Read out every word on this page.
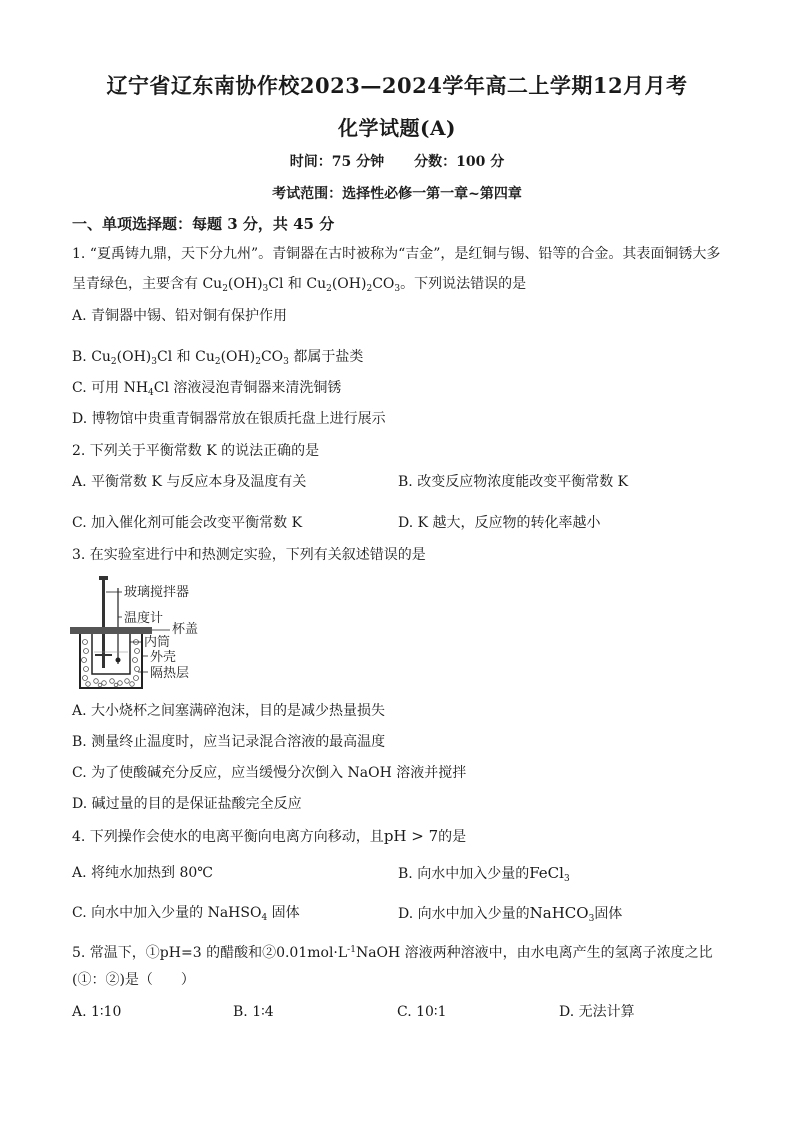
辽宁省辽东南协作校2023—2024学年高二上学期12月月考
化学试题(A)
时间：75 分钟 分数：100 分
考试范围：选择性必修一第一章~第四章
一、单项选择题：每题 3 分，共 45 分
1. “夏禹铸九鼎，天下分九州”。青铜器在古时被称为“吉金”，是红铜与锡、铅等的合金。其表面铜锈大多
呈青绿色，主要含有 $Cu_2(OH)_3Cl$ 和 $Cu_2(OH)_2CO_3$。下列说法错误的是
A. 青铜器中锡、铅对铜有保护作用
B. $Cu_2(OH)_3Cl$ 和 $Cu_2(OH)_2CO_3$ 都属于盐类
C. 可用 $NH_4Cl$ 溶液浸泡青铜器来清洗铜锈
D. 博物馆中贵重青铜器常放在银质托盘上进行展示
2. 下列关于平衡常数 K 的说法正确的是
A. 平衡常数 K 与反应本身及温度有关	B. 改变反应物浓度能改变平衡常数 K
C. 加入催化剂可能会改变平衡常数 K	D. K 越大，反应物的转化率越小
3. 在实验室进行中和热测定实验，下列有关叙述错误的是
玻璃搅拌器
温度计
杯盖
内筒
外壳
隔热层
A. 大小烧杯之间塞满碎泡沫，目的是减少热量损失
B. 测量终止温度时，应当记录混合溶液的最高温度
C. 为了使酸碱充分反应，应当缓慢分次倒入 NaOH 溶液并搅拌
D. 碱过量的目的是保证盐酸完全反应
4. 下列操作会使水的电离平衡向电离方向移动，且pH > 7的是
A. 将纯水加热到 80℃	B. 向水中加入少量的FeCl$_3$
C. 向水中加入少量的 NaHSO$_4$ 固体	D. 向水中加入少量的NaHCO$_3$固体
5. 常温下，①pH=3 的醋酸和$②0.01mol\cdot L^{-1}NaOH$ 溶液两种溶液中，由水电离产生的氢离子浓度之比
(①：②)是（　　）
A. 1∶10	B. 1∶4	C. 10∶1	D. 无法计算
